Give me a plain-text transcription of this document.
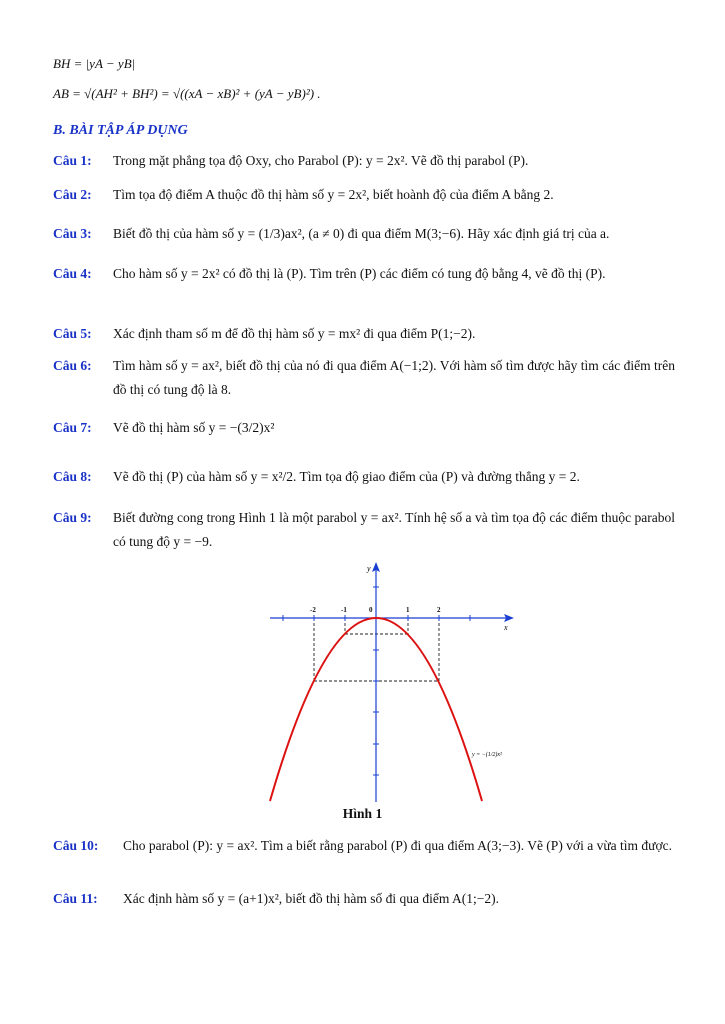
BH = |yA − yB|
AB = √(AH² + BH²) = √((xA − xB)² + (yA − yB)²) .
B. BÀI TẬP ÁP DỤNG
Câu 1: Trong mặt phẳng tọa độ Oxy, cho Parabol (P): y = 2x². Vẽ đồ thị parabol (P).
Câu 2: Tìm tọa độ điểm A thuộc đồ thị hàm số y = 2x², biết hoành độ của điểm A bằng 2.
Câu 3: Biết đồ thị của hàm số y = (1/3)ax², (a ≠ 0) đi qua điểm M(3;−6). Hãy xác định giá trị của a.
Câu 4: Cho hàm số y = 2x² có đồ thị là (P). Tìm trên (P) các điểm có tung độ bằng 4, vẽ đồ thị (P).
Câu 5: Xác định tham số m để đồ thị hàm số y = mx² đi qua điểm P(1;−2).
Câu 6: Tìm hàm số y = ax², biết đồ thị của nó đi qua điểm A(−1;2). Với hàm số tìm được hãy tìm các điểm trên đồ thị có tung độ là 8.
Câu 7: Vẽ đồ thị hàm số y = −(3/2)x²
Câu 8: Vẽ đồ thị (P) của hàm số y = x²/2. Tìm tọa độ giao điểm của (P) và đường thẳng y = 2.
Câu 9: Biết đường cong trong Hình 1 là một parabol y = ax². Tính hệ số a và tìm tọa độ các điểm thuộc parabol có tung độ y = −9.
-2	-1	0	1	2
y
x
y = −(1/2)x²
Hình 1
Câu 10: Cho parabol (P): y = ax². Tìm a biết rằng parabol (P) đi qua điểm A(3;−3). Vẽ (P) với a vừa tìm được.
Câu 11: Xác định hàm số y = (a+1)x², biết đồ thị hàm số đi qua điểm A(1;−2).
